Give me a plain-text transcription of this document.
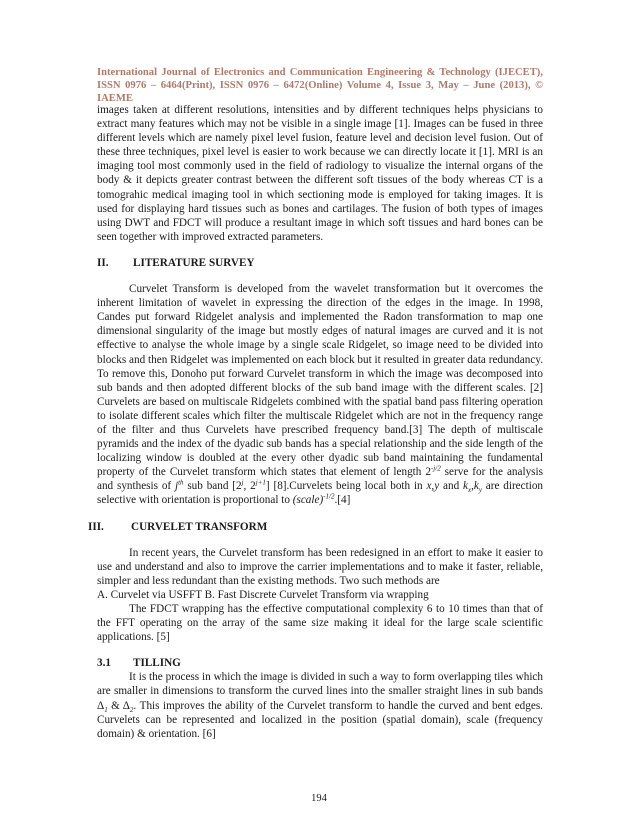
International Journal of Electronics and Communication Engineering & Technology (IJECET),
ISSN 0976 – 6464(Print), ISSN 0976 – 6472(Online) Volume 4, Issue 3, May – June (2013), © IAEME

images taken at different resolutions, intensities and by different techniques helps physicians to extract many features which may not be visible in a single image [1]. Images can be fused in three different levels which are namely pixel level fusion, feature level and decision level fusion. Out of these three techniques, pixel level is easier to work because we can directly locate it [1]. MRI is an imaging tool most commonly used in the field of radiology to visualize the internal organs of the body & it depicts greater contrast between the different soft tissues of the body whereas CT is a tomograhic medical imaging tool in which sectioning mode is employed for taking images. It is used for displaying hard tissues such as bones and cartilages. The fusion of both types of images using DWT and FDCT will produce a resultant image in which soft tissues and hard bones can be seen together with improved extracted parameters.

II.	LITERATURE SURVEY

Curvelet Transform is developed from the wavelet transformation but it overcomes the inherent limitation of wavelet in expressing the direction of the edges in the image. In 1998, Candes put forward Ridgelet analysis and implemented the Radon transformation to map one dimensional singularity of the image but mostly edges of natural images are curved and it is not effective to analyse the whole image by a single scale Ridgelet, so image need to be divided into blocks and then Ridgelet was implemented on each block but it resulted in greater data redundancy. To remove this, Donoho put forward Curvelet transform in which the image was decomposed into sub bands and then adopted different blocks of the sub band image with the different scales. [2] Curvelets are based on multiscale Ridgelets combined with the spatial band pass filtering operation to isolate different scales which filter the multiscale Ridgelet which are not in the frequency range of the filter and thus Curvelets have prescribed frequency band.[3] The depth of multiscale pyramids and the index of the dyadic sub bands has a special relationship and the side length of the localizing window is doubled at the every other dyadic sub band maintaining the fundamental property of the Curvelet transform which states that element of length $2^{-j/2}$ serve for the analysis and synthesis of $j^{th}$ sub band [2$^j$, $2^{j+1}$] [8].Curvelets being local both in x,y and $k_x,k_y$ are direction selective with orientation is proportional to (scale)$^{-1/2}$.[4]

III.	CURVELET TRANSFORM

In recent years, the Curvelet transform has been redesigned in an effort to make it easier to use and understand and also to improve the carrier implementations and to make it faster, reliable, simpler and less redundant than the existing methods. Two such methods are

A. Curvelet via USFFT B. Fast Discrete Curvelet Transform via wrapping

The FDCT wrapping has the effective computational complexity 6 to 10 times than that of the FFT operating on the array of the same size making it ideal for the large scale scientific applications. [5]

3.1	TILLING

It is the process in which the image is divided in such a way to form overlapping tiles which are smaller in dimensions to transform the curved lines into the smaller straight lines in sub bands $\Delta_1$ & $\Delta_2$. This improves the ability of the Curvelet transform to handle the curved and bent edges. Curvelets can be represented and localized in the position (spatial domain), scale (frequency domain) & orientation. [6]

194
